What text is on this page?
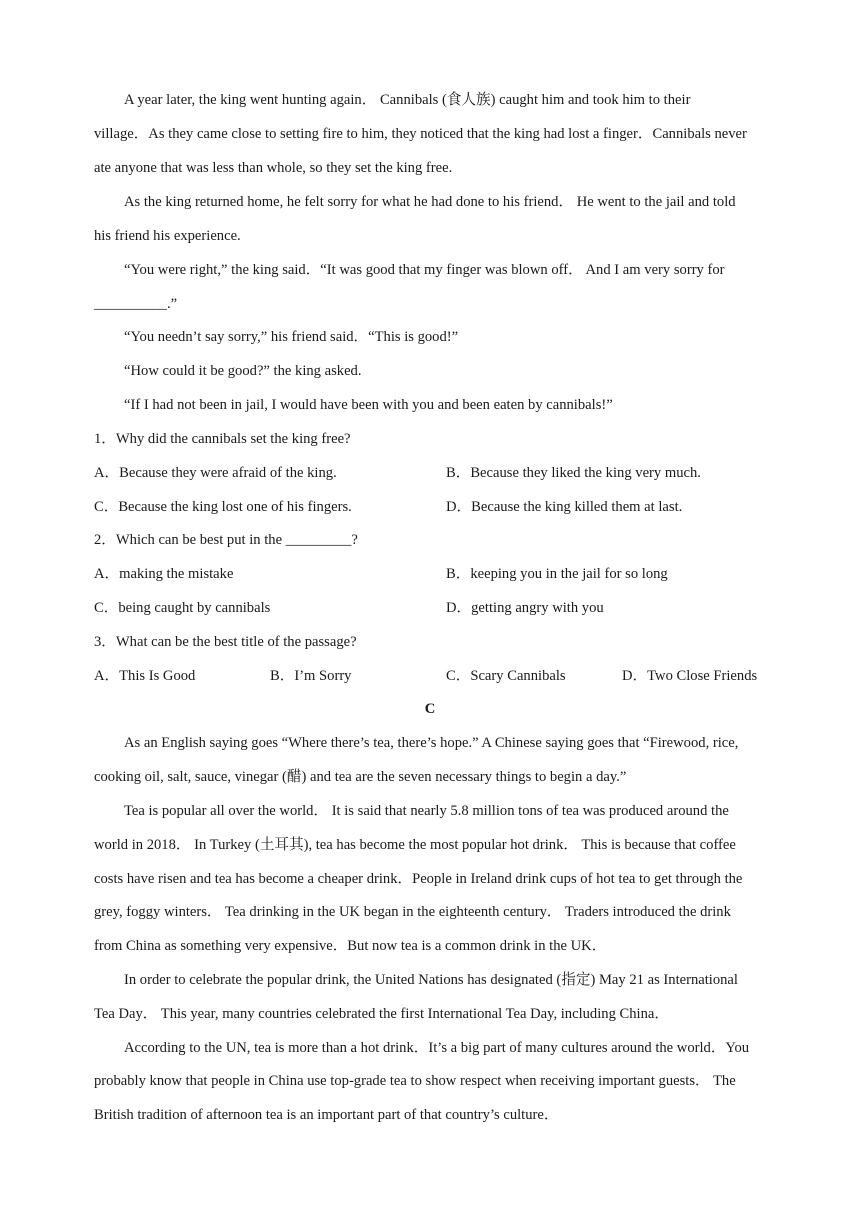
A year later, the king went hunting again． Cannibals (食人族) caught him and took him to their
village．As they came close to setting fire to him, they noticed that the king had lost a finger．Cannibals never
ate anyone that was less than whole, so they set the king free.
As the king returned home, he felt sorry for what he had done to his friend． He went to the jail and told
his friend his experience.
“You were right,” the king said．“It was good that my finger was blown off． And I am very sorry for
__________.”
“You needn’t say sorry,” his friend said．“This is good!”
“How could it be good?” the king asked.
“If I had not been in jail, I would have been with you and been eaten by cannibals!”
1．Why did the cannibals set the king free?
A．Because they were afraid of the king.	B．Because they liked the king very much.
C．Because the king lost one of his fingers.	D．Because the king killed them at last.
2．Which can be best put in the _________?
A．making the mistake	B．keeping you in the jail for so long
C．being caught by cannibals	D．getting angry with you
3．What can be the best title of the passage?
A．This Is Good	B．I’m Sorry	C．Scary Cannibals	D．Two Close Friends
C
As an English saying goes “Where there’s tea, there’s hope.” A Chinese saying goes that “Firewood, rice,
cooking oil, salt, sauce, vinegar (醋) and tea are the seven necessary things to begin a day.”
Tea is popular all over the world． It is said that nearly 5.8 million tons of tea was produced around the
world in 2018． In Turkey (土耳其), tea has become the most popular hot drink． This is because that coffee
costs have risen and tea has become a cheaper drink．People in Ireland drink cups of hot tea to get through the
grey, foggy winters． Tea drinking in the UK began in the eighteenth century． Traders introduced the drink
from China as something very expensive．But now tea is a common drink in the UK．
In order to celebrate the popular drink, the United Nations has designated (指定) May 21 as International
Tea Day． This year, many countries celebrated the first International Tea Day, including China．
According to the UN, tea is more than a hot drink．It’s a big part of many cultures around the world．You
probably know that people in China use top-grade tea to show respect when receiving important guests． The
British tradition of afternoon tea is an important part of that country’s culture．
